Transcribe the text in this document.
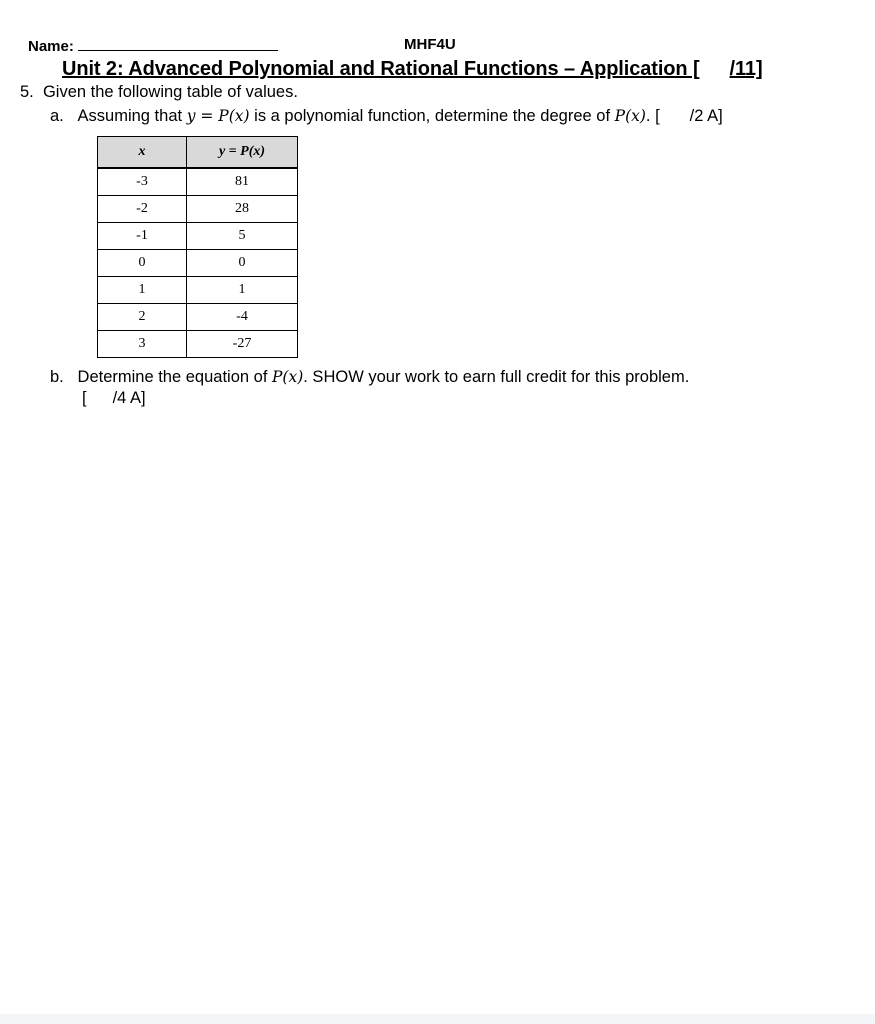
Name:	MHF4U
Unit 2: Advanced Polynomial and Rational Functions – Application [ /11]
5. Given the following table of values.
a. Assuming that y = P(x) is a polynomial function, determine the degree of P(x). [ /2 A]
x	y = P(x)
-3	81
-2	28
-1	5
0	0
1	1
2	-4
3	-27
b. Determine the equation of P(x). SHOW your work to earn full credit for this problem.
[ /4 A]
